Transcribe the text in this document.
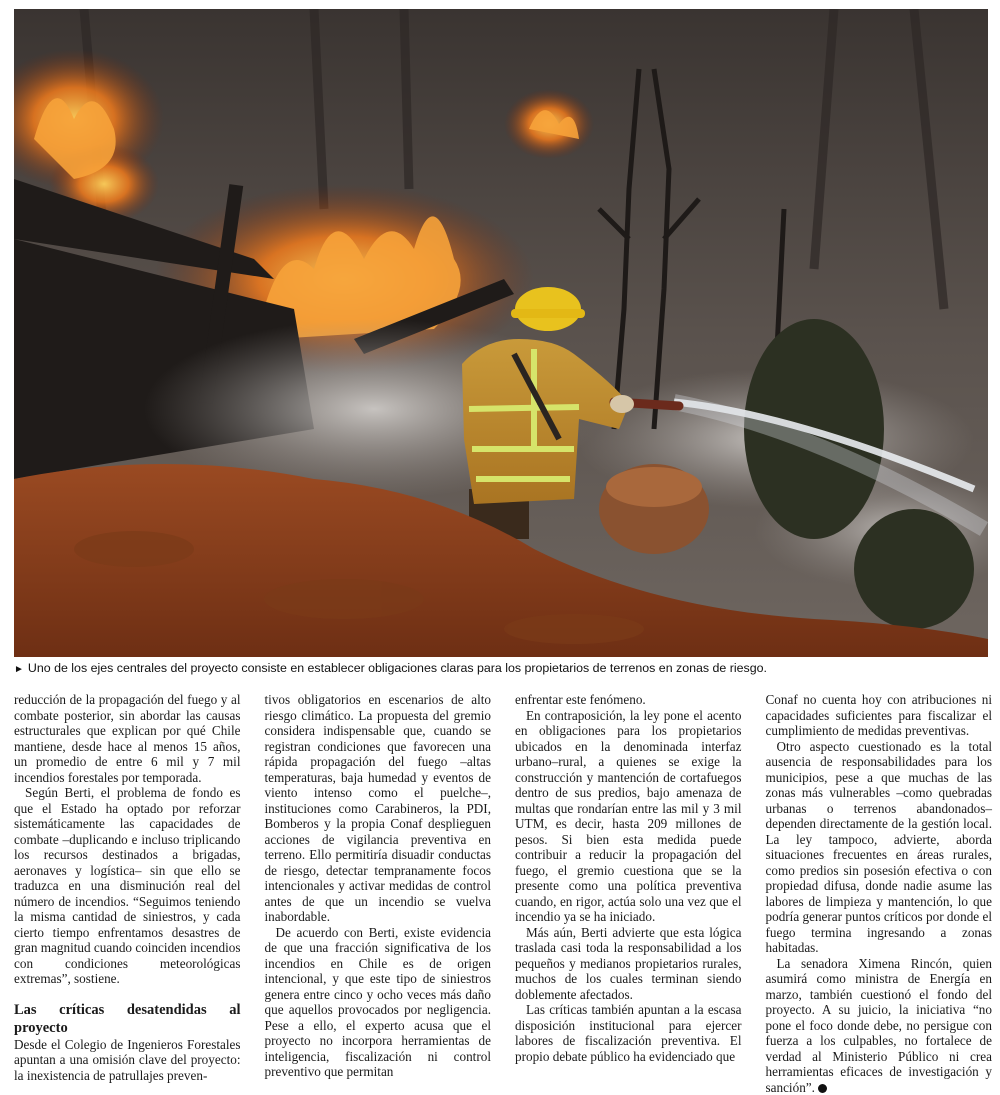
► Uno de los ejes centrales del proyecto consiste en establecer obligaciones claras para los propietarios de terrenos en zonas de riesgo.

reducción de la propagación del fuego y al combate posterior, sin abordar las causas estructurales que explican por qué Chile mantiene, desde hace al menos 15 años, un promedio de entre 6 mil y 7 mil incendios forestales por temporada.

Según Berti, el problema de fondo es que el Estado ha optado por reforzar sistemáticamente las capacidades de combate –duplicando e incluso triplicando los recursos destinados a brigadas, aeronaves y logística– sin que ello se traduzca en una disminución real del número de incendios. “Seguimos teniendo la misma cantidad de siniestros, y cada cierto tiempo enfrentamos desastres de gran magnitud cuando coinciden incendios con condiciones meteorológicas extremas”, sostiene.

Las críticas desatendidas al proyecto

Desde el Colegio de Ingenieros Forestales apuntan a una omisión clave del proyecto: la inexistencia de patrullajes preven-

tivos obligatorios en escenarios de alto riesgo climático. La propuesta del gremio considera indispensable que, cuando se registran condiciones que favorecen una rápida propagación del fuego –altas temperaturas, baja humedad y eventos de viento intenso como el puelche–, instituciones como Carabineros, la PDI, Bomberos y la propia Conaf desplieguen acciones de vigilancia preventiva en terreno. Ello permitiría disuadir conductas de riesgo, detectar tempranamente focos intencionales y activar medidas de control antes de que un incendio se vuelva inabordable.

De acuerdo con Berti, existe evidencia de que una fracción significativa de los incendios en Chile es de origen intencional, y que este tipo de siniestros genera entre cinco y ocho veces más daño que aquellos provocados por negligencia. Pese a ello, el experto acusa que el proyecto no incorpora herramientas de inteligencia, fiscalización ni control preventivo que permitan

enfrentar este fenómeno.

En contraposición, la ley pone el acento en obligaciones para los propietarios ubicados en la denominada interfaz urbano–rural, a quienes se exige la construcción y mantención de cortafuegos dentro de sus predios, bajo amenaza de multas que rondarían entre las mil y 3 mil UTM, es decir, hasta 209 millones de pesos. Si bien esta medida puede contribuir a reducir la propagación del fuego, el gremio cuestiona que se la presente como una política preventiva cuando, en rigor, actúa solo una vez que el incendio ya se ha iniciado.

Más aún, Berti advierte que esta lógica traslada casi toda la responsabilidad a los pequeños y medianos propietarios rurales, muchos de los cuales terminan siendo doblemente afectados.

Las críticas también apuntan a la escasa disposición institucional para ejercer labores de fiscalización preventiva. El propio debate público ha evidenciado que

Conaf no cuenta hoy con atribuciones ni capacidades suficientes para fiscalizar el cumplimiento de medidas preventivas.

Otro aspecto cuestionado es la total ausencia de responsabilidades para los municipios, pese a que muchas de las zonas más vulnerables –como quebradas urbanas o terrenos abandonados– dependen directamente de la gestión local. La ley tampoco, advierte, aborda situaciones frecuentes en áreas rurales, como predios sin posesión efectiva o con propiedad difusa, donde nadie asume las labores de limpieza y mantención, lo que podría generar puntos críticos por donde el fuego termina ingresando a zonas habitadas.

La senadora Ximena Rincón, quien asumirá como ministra de Energía en marzo, también cuestionó el fondo del proyecto. A su juicio, la iniciativa “no pone el foco donde debe, no persigue con fuerza a los culpables, no fortalece de verdad al Ministerio Público ni crea herramientas eficaces de investigación y sanción”.
